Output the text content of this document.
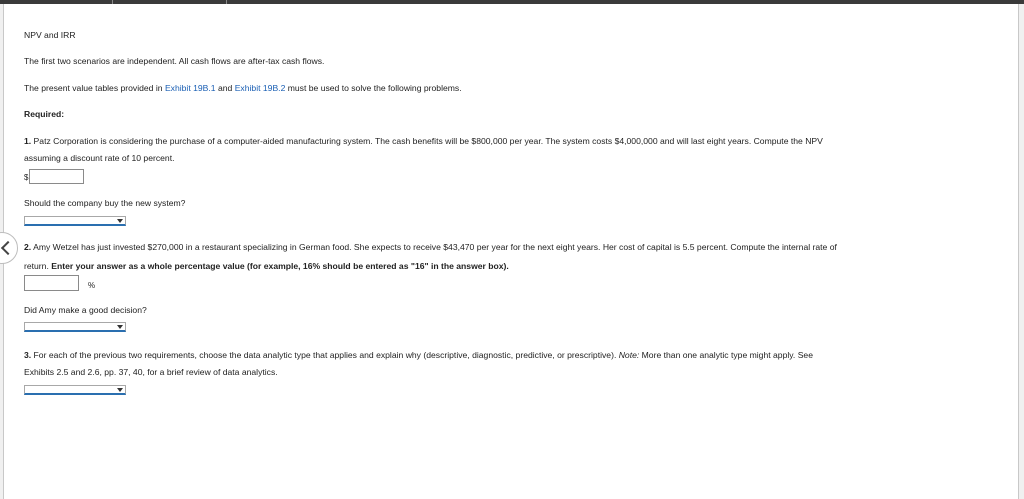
NPV and IRR
The first two scenarios are independent. All cash flows are after-tax cash flows.
The present value tables provided in Exhibit 19B.1 and Exhibit 19B.2 must be used to solve the following problems.
Required:
1. Patz Corporation is considering the purchase of a computer-aided manufacturing system. The cash benefits will be $800,000 per year. The system costs $4,000,000 and will last eight years. Compute the NPV
assuming a discount rate of 10 percent.
$
Should the company buy the new system?
2. Amy Wetzel has just invested $270,000 in a restaurant specializing in German food. She expects to receive $43,470 per year for the next eight years. Her cost of capital is 5.5 percent. Compute the internal rate of
return. Enter your answer as a whole percentage value (for example, 16% should be entered as "16" in the answer box).
%
Did Amy make a good decision?
3. For each of the previous two requirements, choose the data analytic type that applies and explain why (descriptive, diagnostic, predictive, or prescriptive). Note: More than one analytic type might apply. See
Exhibits 2.5 and 2.6, pp. 37, 40, for a brief review of data analytics.
